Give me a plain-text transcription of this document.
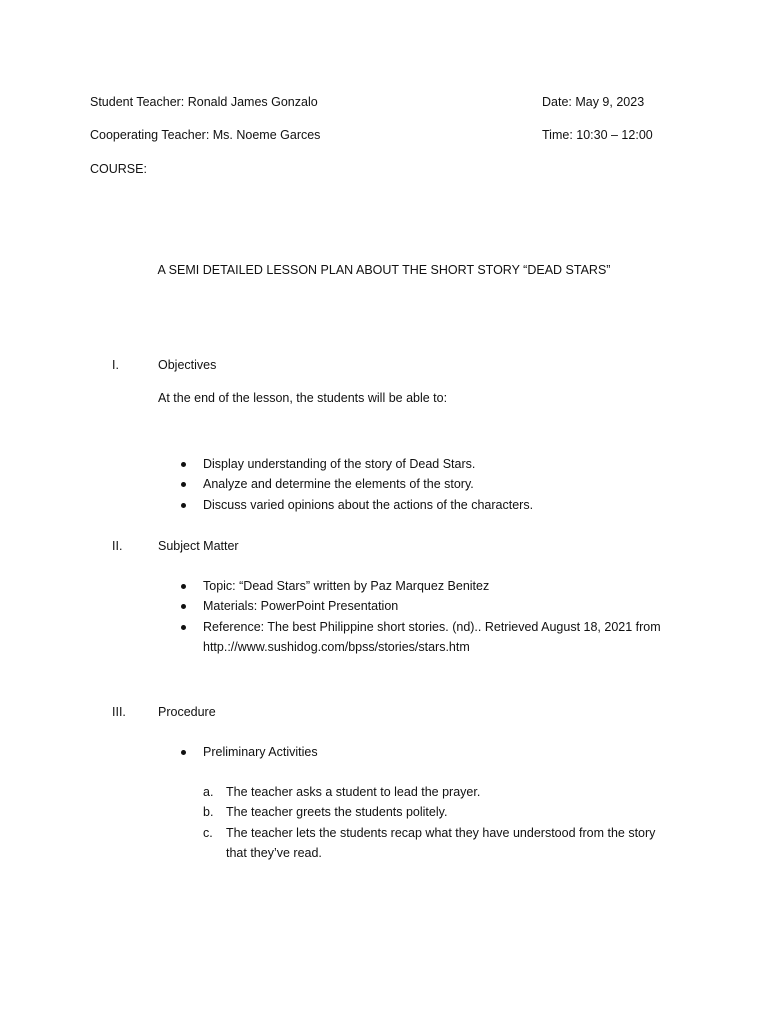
Student Teacher: Ronald James Gonzalo	Date: May 9, 2023
Cooperating Teacher: Ms. Noeme Garces	Time: 10:30 – 12:00
COURSE:
A SEMI DETAILED LESSON PLAN ABOUT THE SHORT STORY “DEAD STARS”
I.	Objectives
At the end of the lesson, the students will be able to:
Display understanding of the story of Dead Stars.
Analyze and determine the elements of the story.
Discuss varied opinions about the actions of the characters.
II.	Subject Matter
Topic: “Dead Stars” written by Paz Marquez Benitez
Materials: PowerPoint Presentation
Reference: The best Philippine short stories. (nd).. Retrieved August 18, 2021 from
http.://www.sushidog.com/bpss/stories/stars.htm
III.	Procedure
Preliminary Activities
a. The teacher asks a student to lead the prayer.
b. The teacher greets the students politely.
c. The teacher lets the students recap what they have understood from the story
that they’ve read.
